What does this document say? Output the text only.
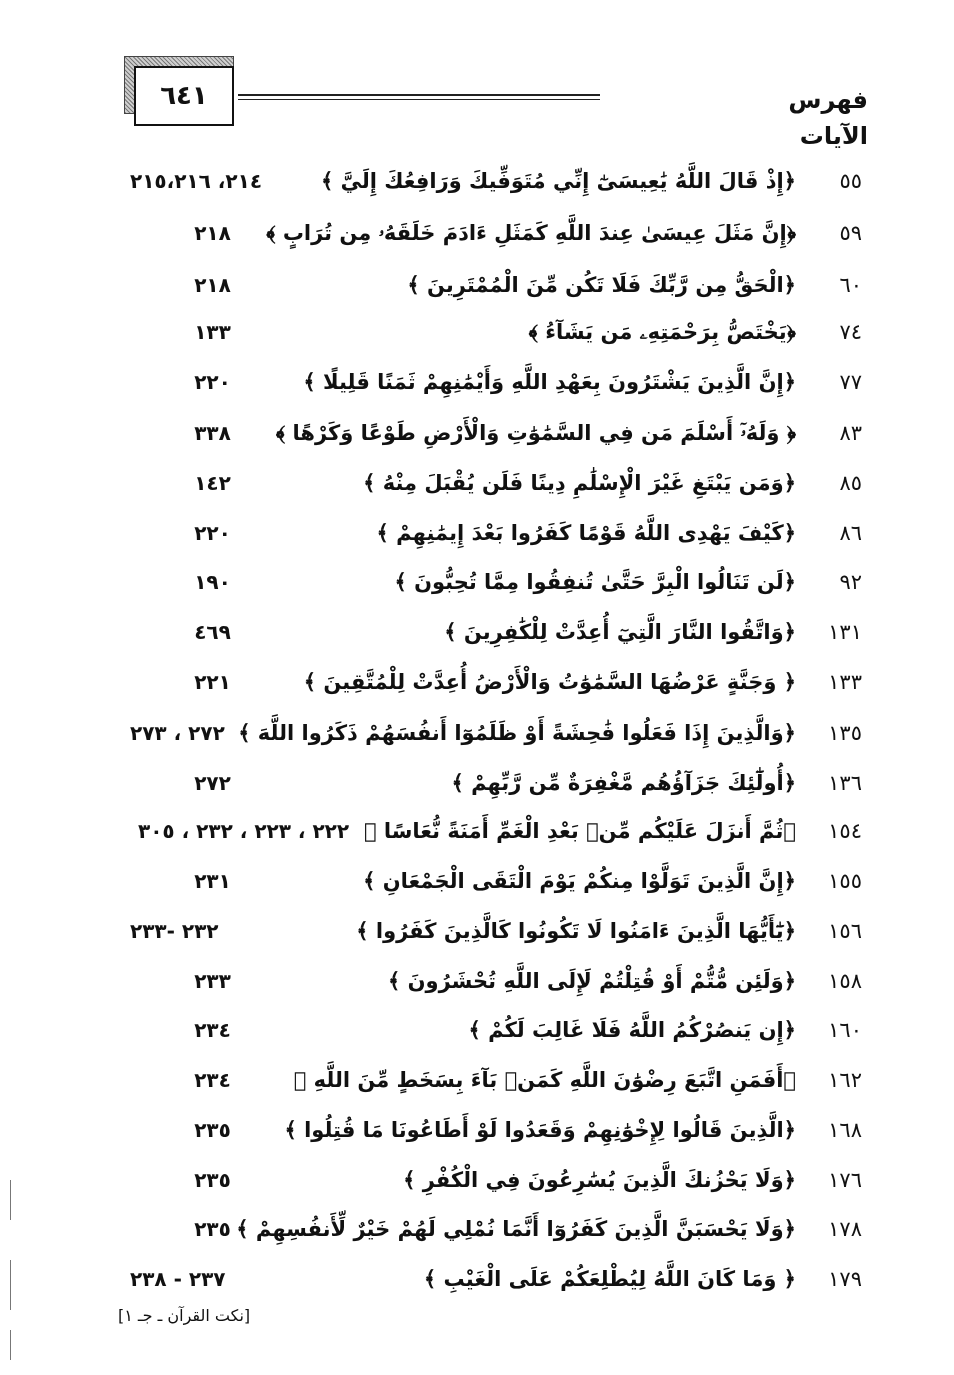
٦٤١	فهرس الآيات
٥٥
﴿إِذْ قَالَ اللَّهُ يَٰعِيسَىٰٓ إِنِّي مُتَوَفِّيكَ وَرَافِعُكَ إِلَيَّ ﴾
٢١٤، ٢١٥،٢١٦
٥٩
﴿إِنَّ مَثَلَ عِيسَىٰ عِندَ اللَّهِ كَمَثَلِ ءَادَمَ خَلَقَهُۥ مِن تُرَابٍ ﴾
٢١٨
٦٠
﴿الْحَقُّ مِن رَّبِّكَ فَلَا تَكُن مِّنَ الْمُمْتَرِينَ ﴾
٢١٨
٧٤
﴿يَخْتَصُّ بِرَحْمَتِهِۦ مَن يَشَآءُ ﴾
١٣٣
٧٧
﴿إِنَّ الَّذِينَ يَشْتَرُونَ بِعَهْدِ اللَّهِ وَأَيْمَٰنِهِمْ ثَمَنًا قَلِيلًا ﴾
٢٢٠
٨٣
﴿ وَلَهُۥٓ أَسْلَمَ مَن فِي السَّمَٰوَٰتِ وَالْأَرْضِ طَوْعًا وَكَرْهًا ﴾
٣٣٨
٨٥
﴿وَمَن يَبْتَغِ غَيْرَ الْإِسْلَٰمِ دِينًا فَلَن يُقْبَلَ مِنْهُ ﴾
١٤٢
٨٦
﴿كَيْفَ يَهْدِى اللَّهُ قَوْمًا كَفَرُوا بَعْدَ إِيمَٰنِهِمْ ﴾
٢٢٠
٩٢
﴿لَن تَنَالُوا الْبِرَّ حَتَّىٰ تُنفِقُوا مِمَّا تُحِبُّونَ ﴾
١٩٠
١٣١
﴿وَاتَّقُوا النَّارَ الَّتِيٓ أُعِدَّتْ لِلْكَٰفِرِينَ ﴾
٤٦٩
١٣٣
﴿ وَجَنَّةٍ عَرْضُهَا السَّمَٰوَٰتُ وَالْأَرْضُ أُعِدَّتْ لِلْمُتَّقِينَ ﴾
٢٢١
١٣٥
﴿وَالَّذِينَ إِذَا فَعَلُوا فَٰحِشَةً أَوْ ظَلَمُوٓا أَنفُسَهُمْ ذَكَرُوا اللَّهَ ﴾
٢٧٢ ، ٢٧٣
١٣٦
﴿أُولَٰٓئِكَ جَزَآؤُهُم مَّغْفِرَةٌ مِّن رَّبِّهِمْ ﴾
٢٧٢
١٥٤
﴿ثُمَّ أَنزَلَ عَلَيْكُم مِّنۢ بَعْدِ الْغَمِّ أَمَنَةً نُّعَاسًا ﴾
٢٢٢ ، ٢٢٣ ، ٢٣٢ ، ٣٠٥
١٥٥
﴿إِنَّ الَّذِينَ تَوَلَّوْا مِنكُمْ يَوْمَ الْتَقَى الْجَمْعَانِ ﴾
٢٣١
١٥٦
﴿يَٰٓأَيُّهَا الَّذِينَ ءَامَنُوا لَا تَكُونُوا كَالَّذِينَ كَفَرُوا ﴾
٢٣٢ -٢٣٣
١٥٨
﴿وَلَئِن مُّتُّمْ أَوْ قُتِلْتُمْ لَإِلَى اللَّهِ تُحْشَرُونَ ﴾
٢٣٣
١٦٠
﴿إِن يَنصُرْكُمُ اللَّهُ فَلَا غَالِبَ لَكُمْ ﴾
٢٣٤
١٦٢
﴿أَفَمَنِ اتَّبَعَ رِضْوَٰنَ اللَّهِ كَمَنۢ بَآءَ بِسَخَطٍ مِّنَ اللَّهِ ﴾
٢٣٤
١٦٨
﴿الَّذِينَ قَالُوا لِإِخْوَٰنِهِمْ وَقَعَدُوا لَوْ أَطَاعُونَا مَا قُتِلُوا ﴾
٢٣٥
١٧٦
﴿وَلَا يَحْزُنكَ الَّذِينَ يُسَٰرِعُونَ فِي الْكُفْرِ ﴾
٢٣٥
١٧٨
﴿وَلَا يَحْسَبَنَّ الَّذِينَ كَفَرُوٓا أَنَّمَا نُمْلِي لَهُمْ خَيْرٌ لِّأَنفُسِهِمْ ﴾
٢٣٥
١٧٩
﴿ وَمَا كَانَ اللَّهُ لِيُطْلِعَكُمْ عَلَى الْغَيْبِ ﴾
٢٣٧ - ٢٣٨
[نكت القرآن ـ جـ ١]
